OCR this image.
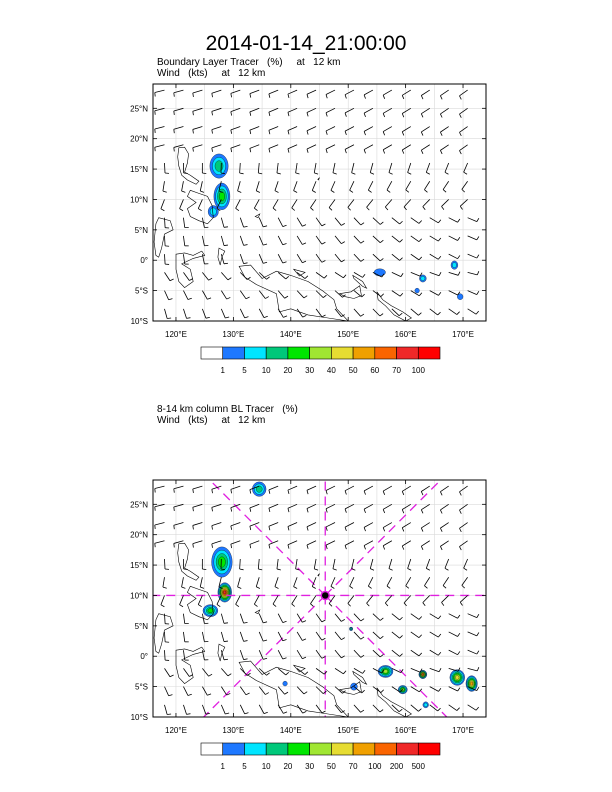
2014-01-14_21:00:00
Boundary Layer Tracer   (%)     at   12 km
Wind   (kts)     at   12 km
120°E	130°E	140°E	150°E	160°E	170°E
10°S
5°S
0°
5°N
10°N
15°N
20°N
25°N
1 5 10 20 30 40 50 60 70 100
8-14 km column BL Tracer   (%)
Wind   (kts)     at   12 km
120°E	130°E	140°E	150°E	160°E	170°E
10°S
5°S
0°
5°N
10°N
15°N
20°N
25°N
1 5 10 20 30 50 70 100 200 500
